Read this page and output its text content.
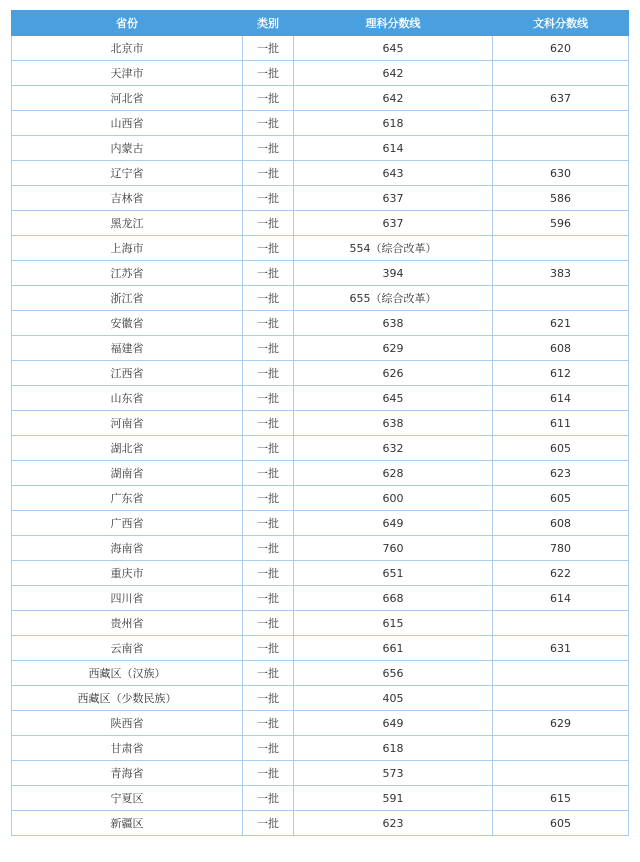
省份	类别	理科分数线	文科分数线
北京市	一批	645	620
天津市	一批	642	
河北省	一批	642	637
山西省	一批	618	
内蒙古	一批	614	
辽宁省	一批	643	630
吉林省	一批	637	586
黑龙江	一批	637	596
上海市	一批	554（综合改革）	
江苏省	一批	394	383
浙江省	一批	655（综合改革）	
安徽省	一批	638	621
福建省	一批	629	608
江西省	一批	626	612
山东省	一批	645	614
河南省	一批	638	611
湖北省	一批	632	605
湖南省	一批	628	623
广东省	一批	600	605
广西省	一批	649	608
海南省	一批	760	780
重庆市	一批	651	622
四川省	一批	668	614
贵州省	一批	615	
云南省	一批	661	631
西藏区（汉族）	一批	656	
西藏区（少数民族）	一批	405	
陕西省	一批	649	629
甘肃省	一批	618	
青海省	一批	573	
宁夏区	一批	591	615
新疆区	一批	623	605
